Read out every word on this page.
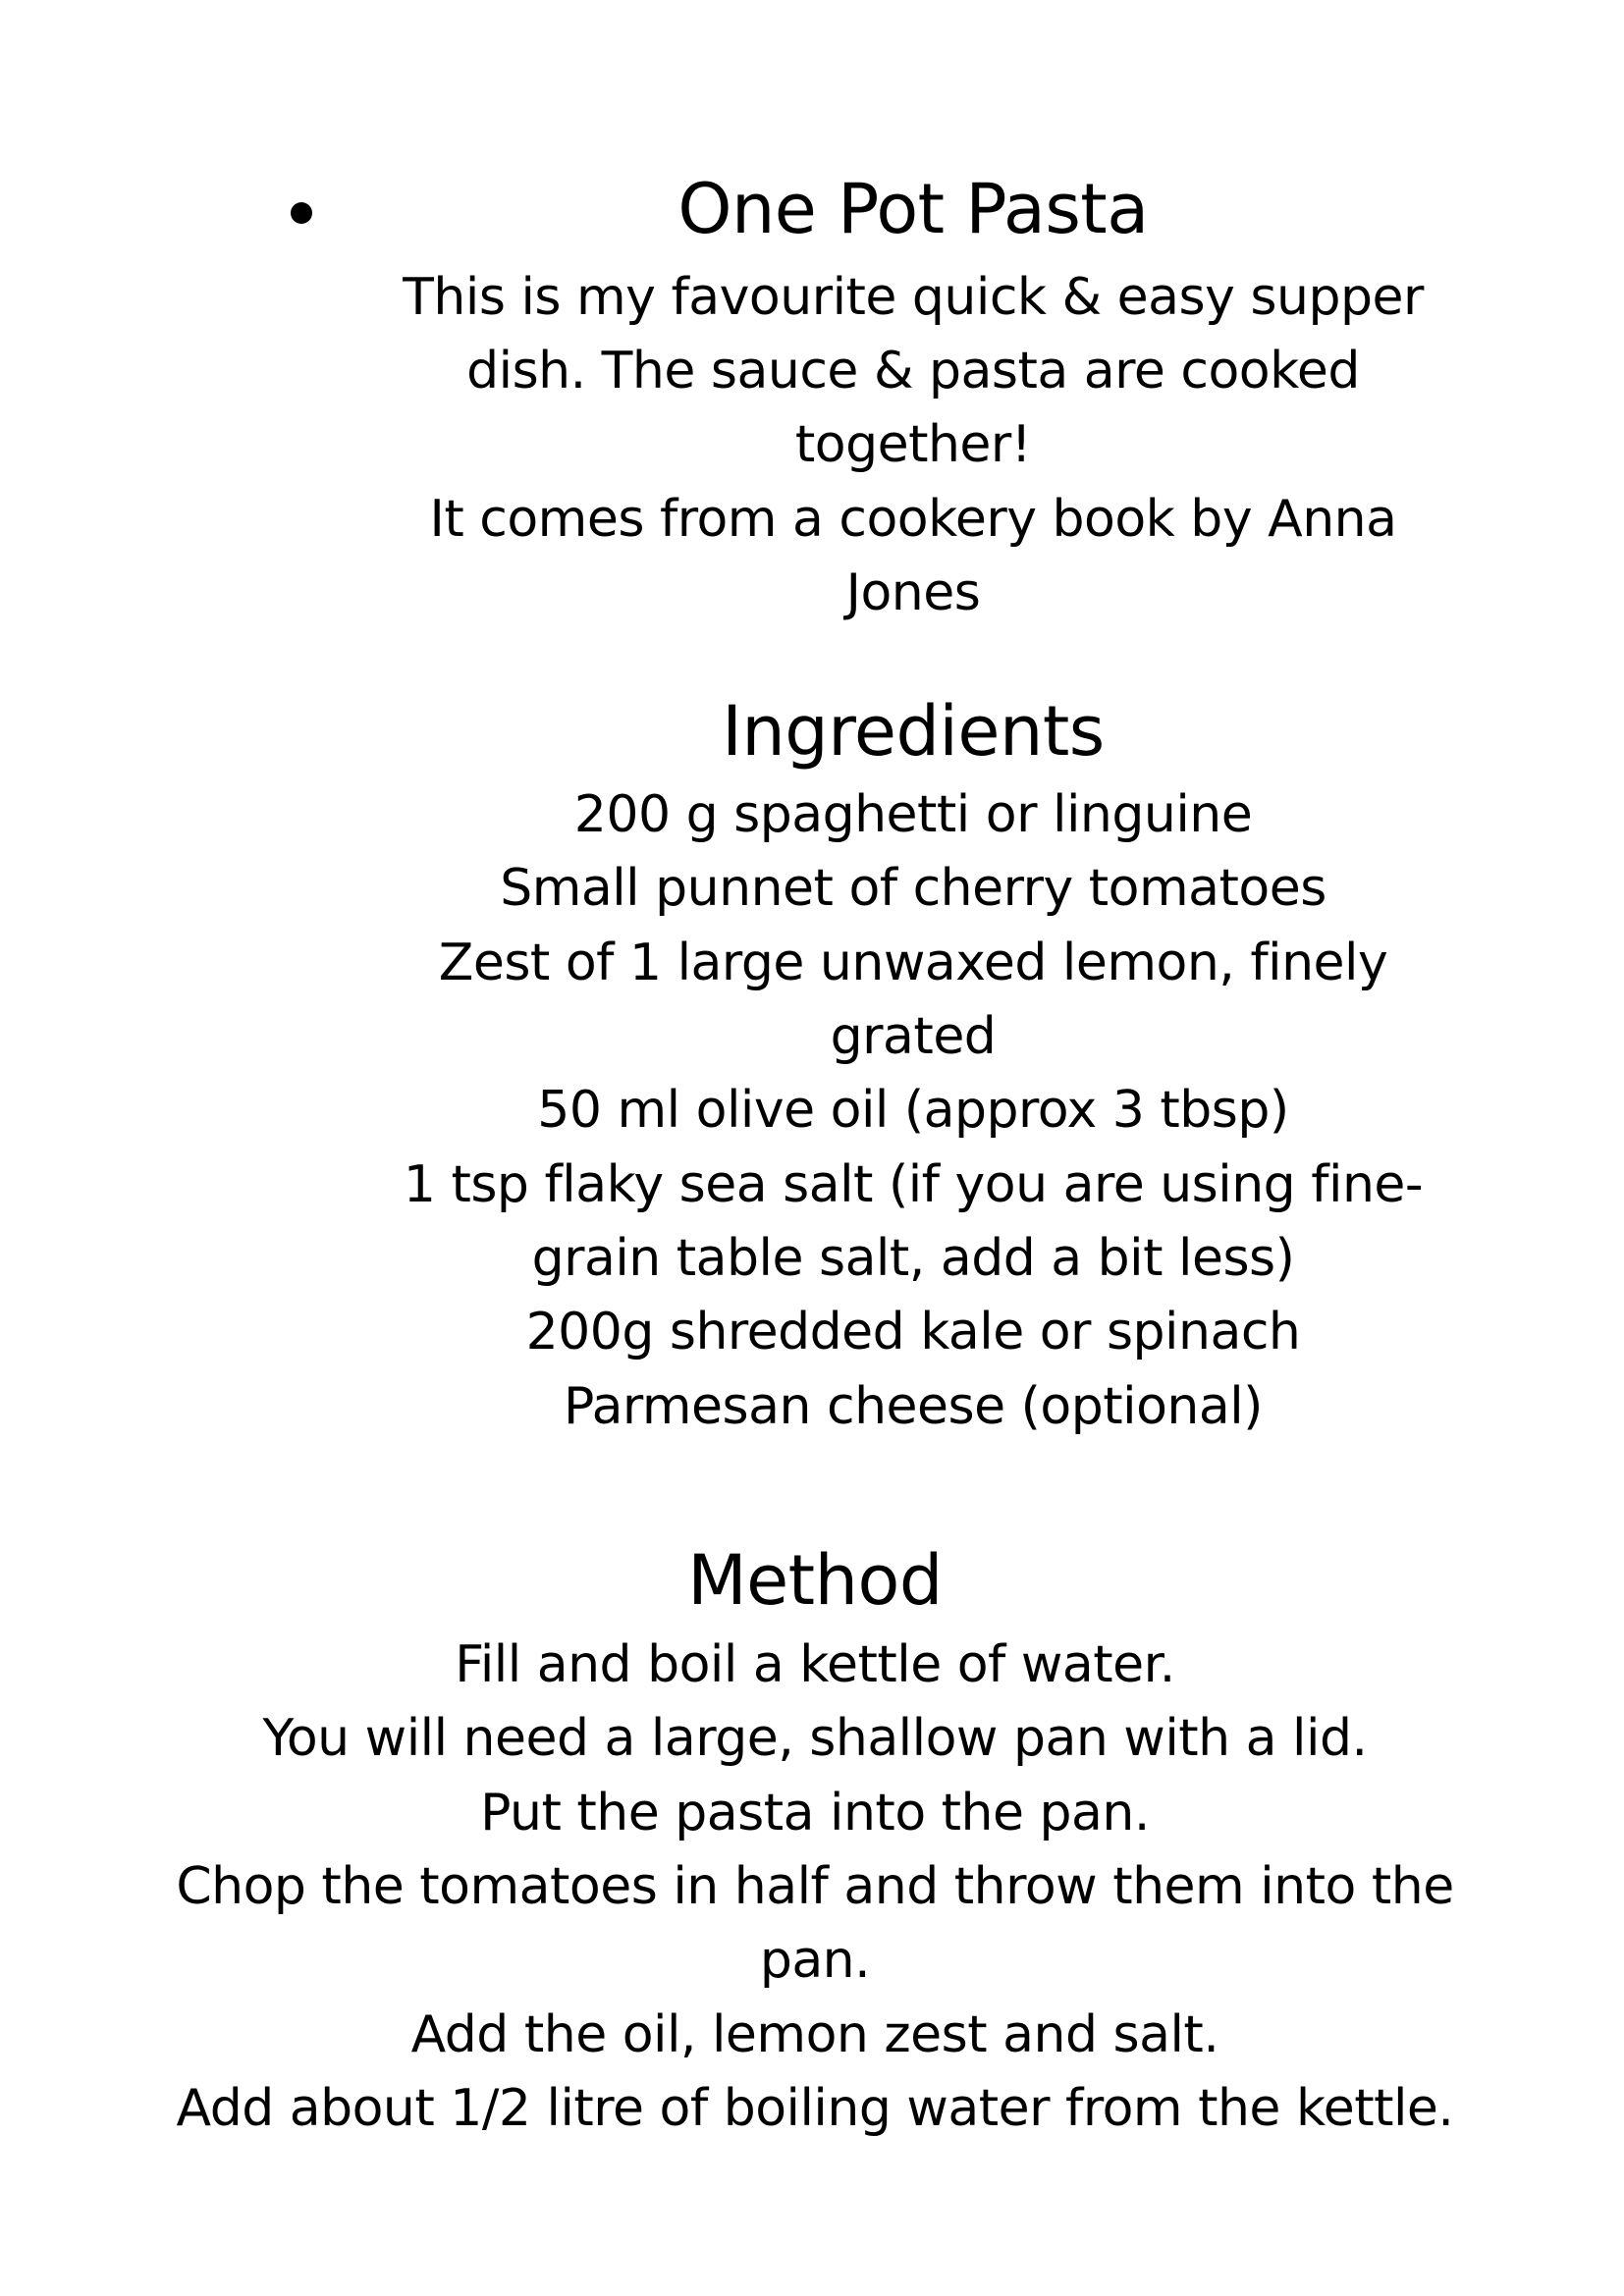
One Pot Pasta
This is my favourite quick & easy supper
dish. The sauce & pasta are cooked
together!
It comes from a cookery book by Anna
Jones
Ingredients
200 g spaghetti or linguine
Small punnet of cherry tomatoes
Zest of 1 large unwaxed lemon, finely
grated
50 ml olive oil (approx 3 tbsp)
1 tsp flaky sea salt (if you are using fine-
grain table salt, add a bit less)
200g shredded kale or spinach
Parmesan cheese (optional)
Method
Fill and boil a kettle of water.
You will need a large, shallow pan with a lid.
Put the pasta into the pan.
Chop the tomatoes in half and throw them into the
pan.
Add the oil, lemon zest and salt.
Add about 1/2 litre of boiling water from the kettle.
